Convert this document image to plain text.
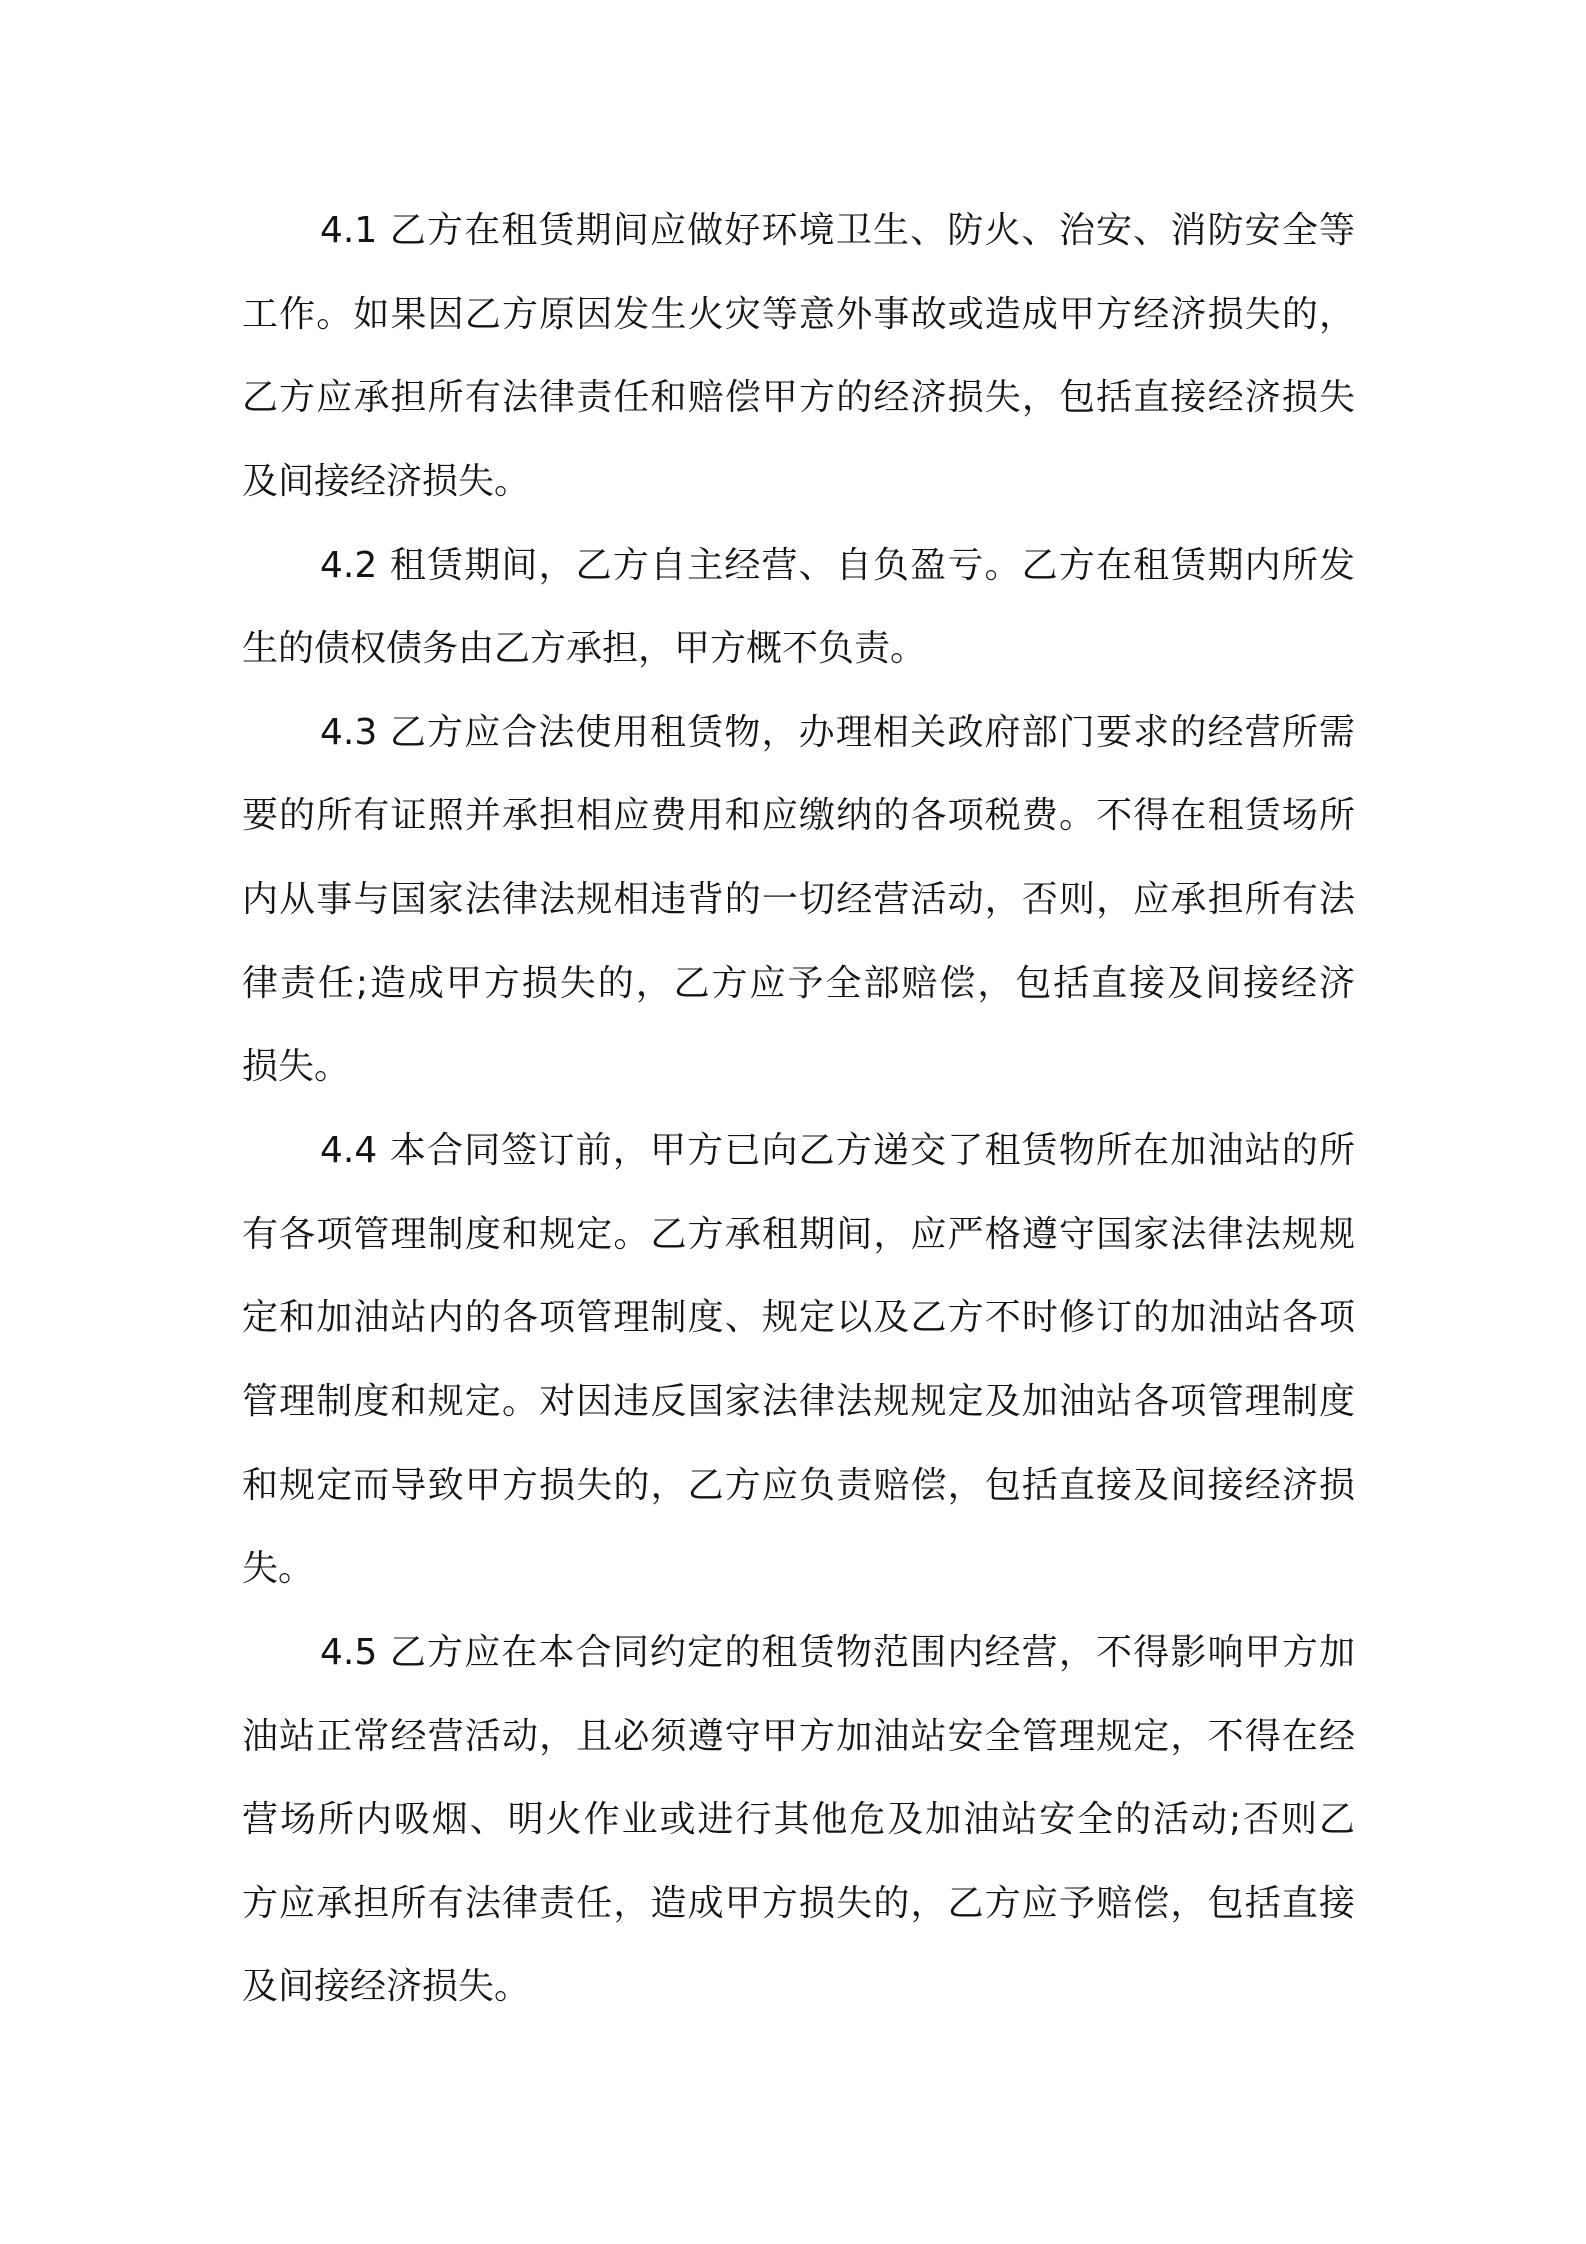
4.1 乙方在租赁期间应做好环境卫生、防火、治安、消防安全等
工作。如果因乙方原因发生火灾等意外事故或造成甲方经济损失的，
乙方应承担所有法律责任和赔偿甲方的经济损失，包括直接经济损失
及间接经济损失。
4.2 租赁期间，乙方自主经营、自负盈亏。乙方在租赁期内所发
生的债权债务由乙方承担，甲方概不负责。
4.3 乙方应合法使用租赁物，办理相关政府部门要求的经营所需
要的所有证照并承担相应费用和应缴纳的各项税费。不得在租赁场所
内从事与国家法律法规相违背的一切经营活动，否则，应承担所有法
律责任;造成甲方损失的，乙方应予全部赔偿，包括直接及间接经济
损失。
4.4 本合同签订前，甲方已向乙方递交了租赁物所在加油站的所
有各项管理制度和规定。乙方承租期间，应严格遵守国家法律法规规
定和加油站内的各项管理制度、规定以及乙方不时修订的加油站各项
管理制度和规定。对因违反国家法律法规规定及加油站各项管理制度
和规定而导致甲方损失的，乙方应负责赔偿，包括直接及间接经济损
失。
4.5 乙方应在本合同约定的租赁物范围内经营，不得影响甲方加
油站正常经营活动，且必须遵守甲方加油站安全管理规定，不得在经
营场所内吸烟、明火作业或进行其他危及加油站安全的活动;否则乙
方应承担所有法律责任，造成甲方损失的，乙方应予赔偿，包括直接
及间接经济损失。
